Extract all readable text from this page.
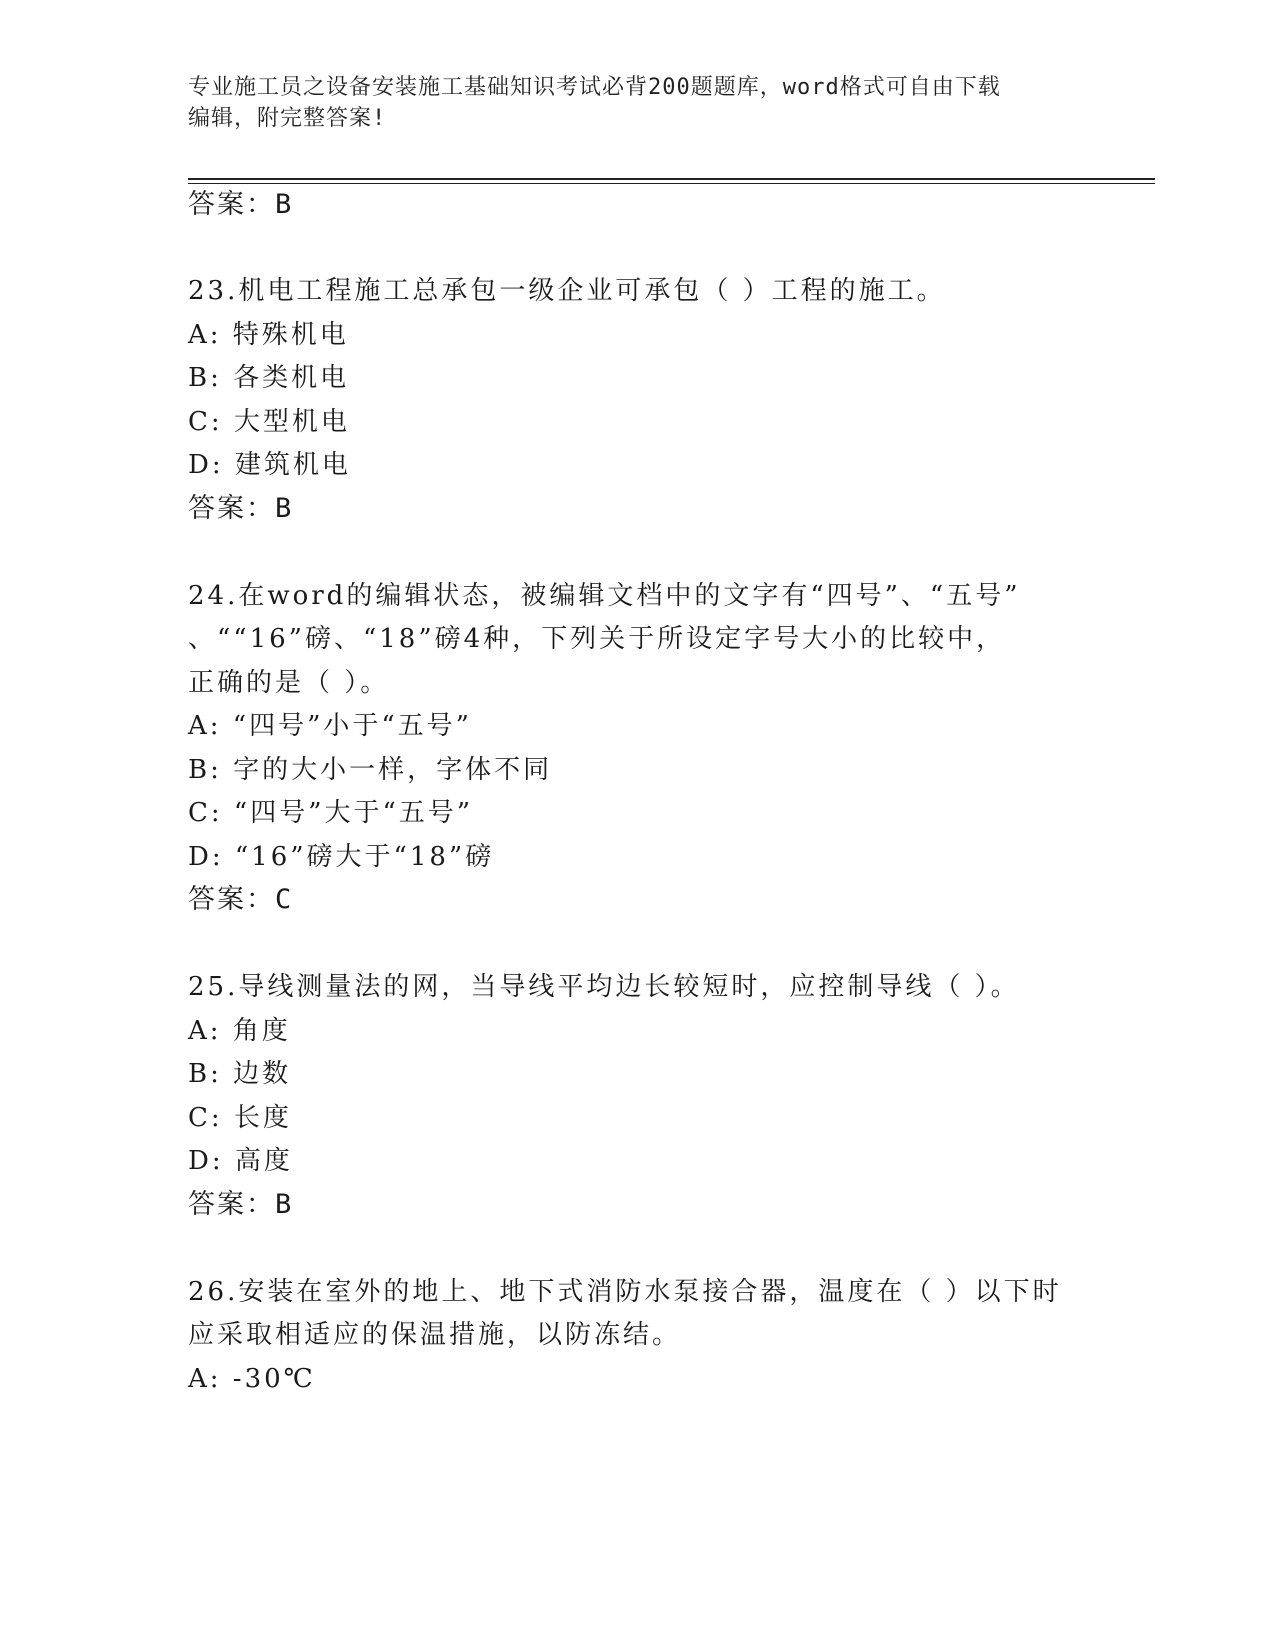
专业施工员之设备安装施工基础知识考试必背200题题库，word格式可自由下载
编辑，附完整答案!
答案：B
23.机电工程施工总承包一级企业可承包（ ）工程的施工。
A: 特殊机电
B: 各类机电
C: 大型机电
D: 建筑机电
答案：B
24.在word的编辑状态，被编辑文档中的文字有“四号”、“五号”
、““16”磅、“18”磅4种，下列关于所设定字号大小的比较中，
正确的是（ ）。
A: “四号”小于“五号”
B: 字的大小一样，字体不同
C: “四号”大于“五号”
D: “16”磅大于“18”磅
答案：C
25.导线测量法的网，当导线平均边长较短时，应控制导线（ ）。
A: 角度
B: 边数
C: 长度
D: 高度
答案：B
26.安装在室外的地上、地下式消防水泵接合器，温度在（ ）以下时
应采取相适应的保温措施，以防冻结。
A: -30℃
